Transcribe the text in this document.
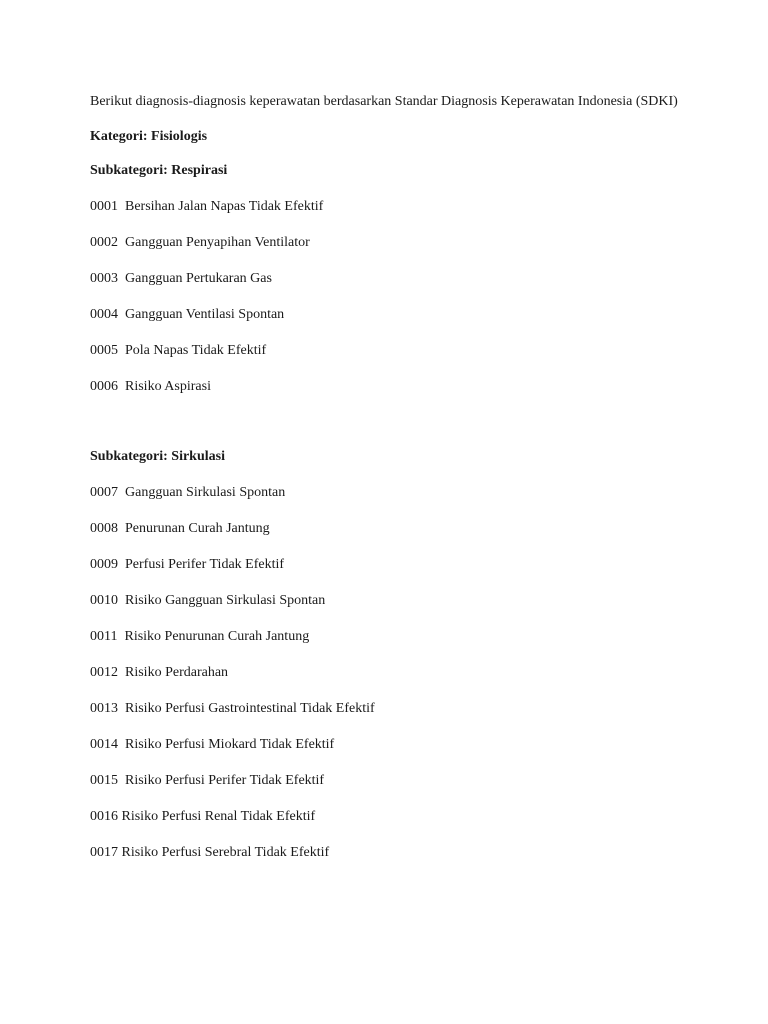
Berikut diagnosis-diagnosis keperawatan berdasarkan Standar Diagnosis Keperawatan Indonesia (SDKI)

Kategori: Fisiologis

Subkategori: Respirasi

0001 Bersihan Jalan Napas Tidak Efektif
0002 Gangguan Penyapihan Ventilator
0003 Gangguan Pertukaran Gas
0004 Gangguan Ventilasi Spontan
0005 Pola Napas Tidak Efektif
0006 Risiko Aspirasi

Subkategori: Sirkulasi

0007 Gangguan Sirkulasi Spontan
0008 Penurunan Curah Jantung
0009 Perfusi Perifer Tidak Efektif
0010 Risiko Gangguan Sirkulasi Spontan
0011 Risiko Penurunan Curah Jantung
0012 Risiko Perdarahan
0013 Risiko Perfusi Gastrointestinal Tidak Efektif
0014 Risiko Perfusi Miokard Tidak Efektif
0015 Risiko Perfusi Perifer Tidak Efektif
0016 Risiko Perfusi Renal Tidak Efektif
0017 Risiko Perfusi Serebral Tidak Efektif
